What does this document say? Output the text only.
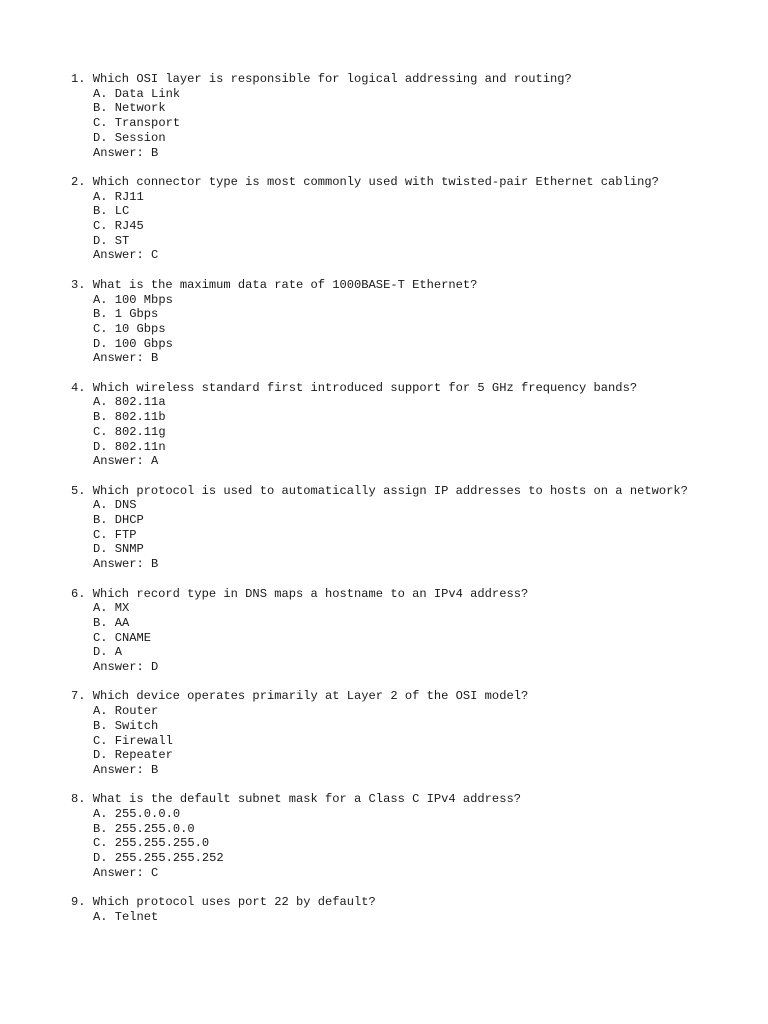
1. Which OSI layer is responsible for logical addressing and routing?

A. Data Link

B. Network

C. Transport

D. Session

Answer: B

2. Which connector type is most commonly used with twisted-pair Ethernet cabling?

A. RJ11

B. LC

C. RJ45

D. ST

Answer: C

3. What is the maximum data rate of 1000BASE-T Ethernet?

A. 100 Mbps

B. 1 Gbps

C. 10 Gbps

D. 100 Gbps

Answer: B

4. Which wireless standard first introduced support for 5 GHz frequency bands?

A. 802.11a

B. 802.11b

C. 802.11g

D. 802.11n

Answer: A

5. Which protocol is used to automatically assign IP addresses to hosts on a network?

A. DNS

B. DHCP

C. FTP

D. SNMP

Answer: B

6. Which record type in DNS maps a hostname to an IPv4 address?

A. MX

B. AA

C. CNAME

D. A

Answer: D

7. Which device operates primarily at Layer 2 of the OSI model?

A. Router

B. Switch

C. Firewall

D. Repeater

Answer: B

8. What is the default subnet mask for a Class C IPv4 address?

A. 255.0.0.0

B. 255.255.0.0

C. 255.255.255.0

D. 255.255.255.252

Answer: C

9. Which protocol uses port 22 by default?

A. Telnet
